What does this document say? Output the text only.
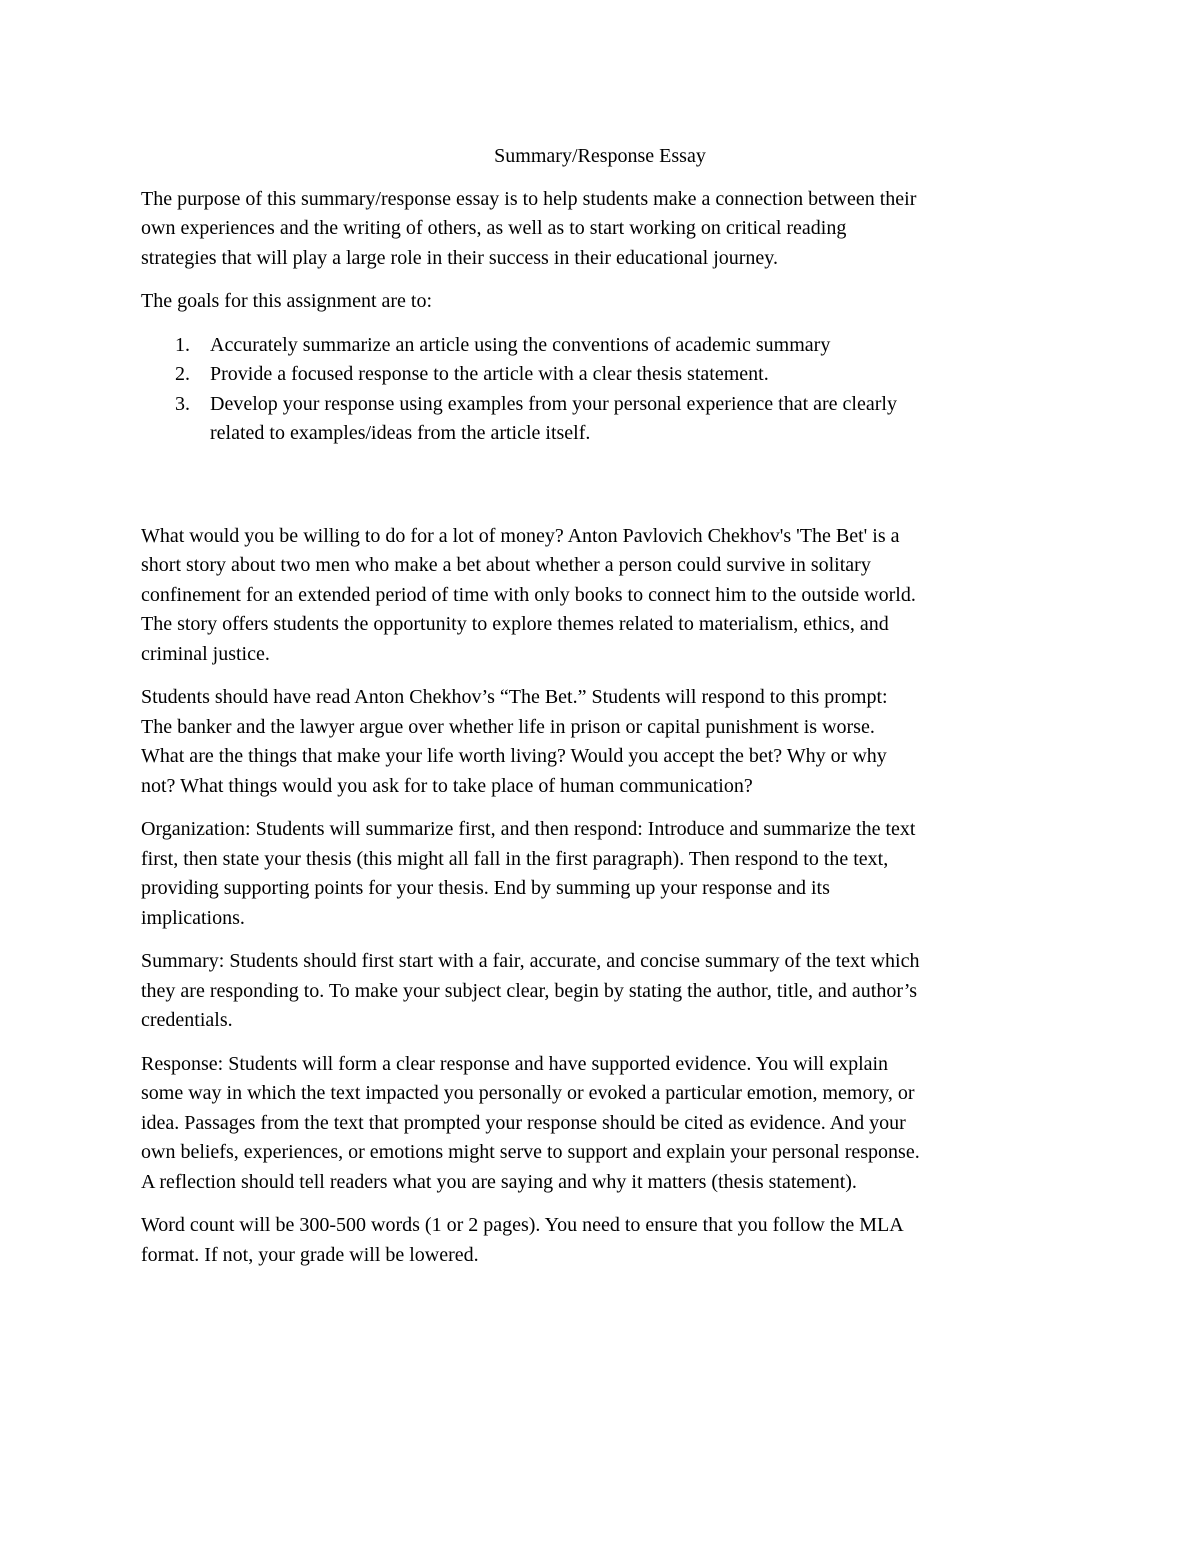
Summary/Response Essay

The purpose of this summary/response essay is to help students make a connection between their
own experiences and the writing of others, as well as to start working on critical reading
strategies that will play a large role in their success in their educational journey.

The goals for this assignment are to:

1. Accurately summarize an article using the conventions of academic summary
2. Provide a focused response to the article with a clear thesis statement.
3. Develop your response using examples from your personal experience that are clearly
related to examples/ideas from the article itself.

What would you be willing to do for a lot of money? Anton Pavlovich Chekhov's 'The Bet' is a
short story about two men who make a bet about whether a person could survive in solitary
confinement for an extended period of time with only books to connect him to the outside world.
The story offers students the opportunity to explore themes related to materialism, ethics, and
criminal justice.

Students should have read Anton Chekhov’s “The Bet.” Students will respond to this prompt:
The banker and the lawyer argue over whether life in prison or capital punishment is worse.
What are the things that make your life worth living? Would you accept the bet? Why or why
not? What things would you ask for to take place of human communication?

Organization: Students will summarize first, and then respond: Introduce and summarize the text
first, then state your thesis (this might all fall in the first paragraph). Then respond to the text,
providing supporting points for your thesis. End by summing up your response and its
implications.

Summary: Students should first start with a fair, accurate, and concise summary of the text which
they are responding to. To make your subject clear, begin by stating the author, title, and author’s
credentials.

Response: Students will form a clear response and have supported evidence. You will explain
some way in which the text impacted you personally or evoked a particular emotion, memory, or
idea. Passages from the text that prompted your response should be cited as evidence. And your
own beliefs, experiences, or emotions might serve to support and explain your personal response.
A reflection should tell readers what you are saying and why it matters (thesis statement).

Word count will be 300-500 words (1 or 2 pages). You need to ensure that you follow the MLA
format. If not, your grade will be lowered.
